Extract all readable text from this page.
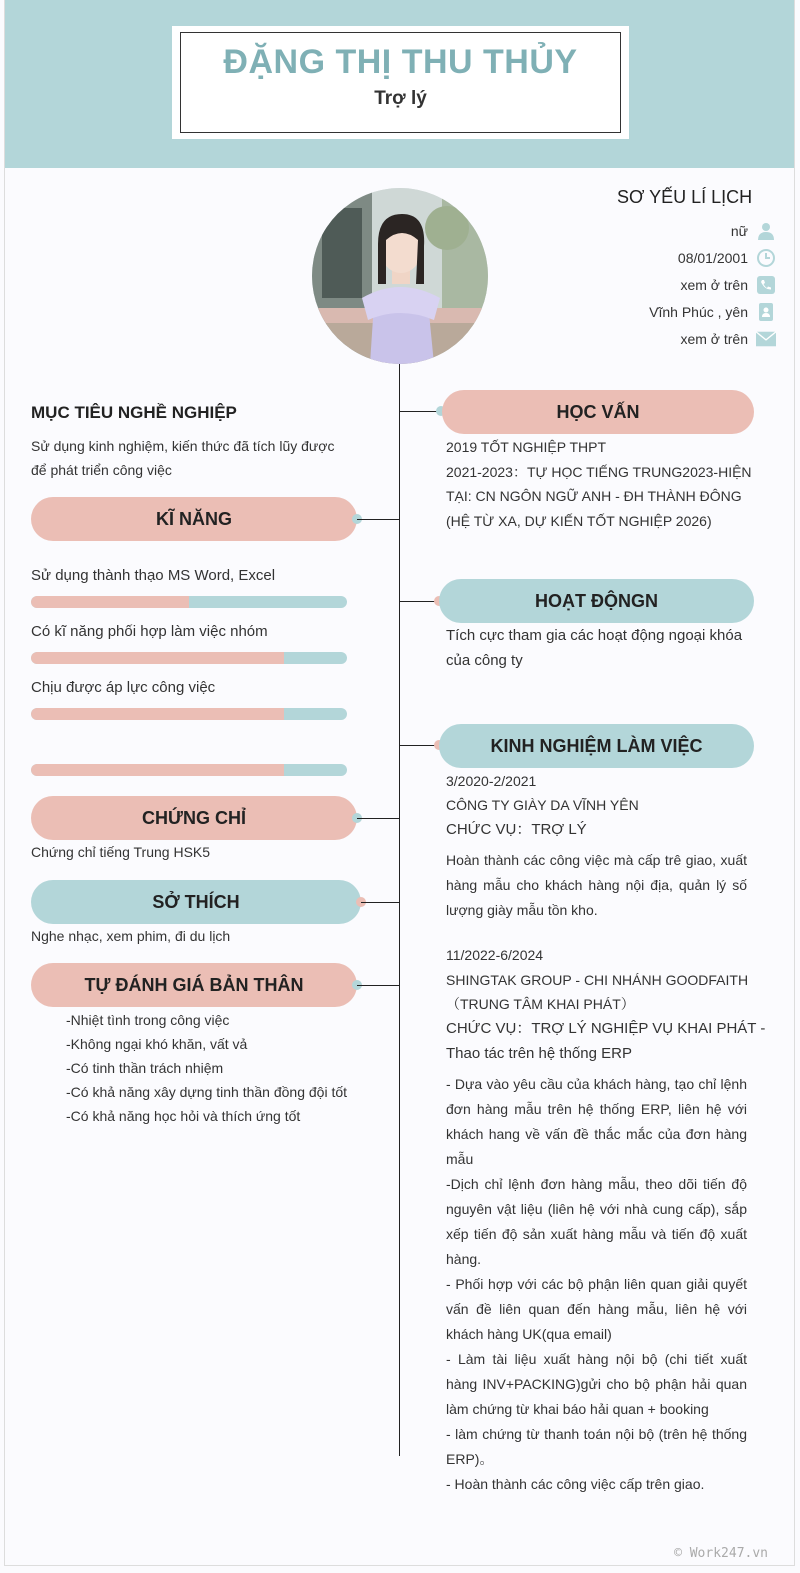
ĐẶNG THỊ THU THỦY
Trợ lý
SƠ YẾU LÍ LỊCH
nữ
08/01/2001
xem ở trên
Vĩnh Phúc , yên
xem ở trên
MỤC TIÊU NGHỀ NGHIỆP
Sử dụng kinh nghiệm, kiến thức đã tích lũy được
để phát triển công việc
KĨ NĂNG
Sử dụng thành thạo MS Word, Excel
Có kĩ năng phối hợp làm việc nhóm
Chịu được áp lực công việc
CHỨNG CHỈ
Chứng chỉ tiếng Trung HSK5
SỞ THÍCH
Nghe nhạc, xem phim, đi du lịch
TỰ ĐÁNH GIÁ BẢN THÂN
-Nhiệt tình trong công việc
-Không ngại khó khăn, vất vả
-Có tinh thần trách nhiệm
-Có khả năng xây dựng tinh thần đồng đội tốt
-Có khả năng học hỏi và thích ứng tốt
HỌC VẤN
2019 TỐT NGHIỆP THPT
2021-2023：TỰ HỌC TIẾNG TRUNG2023-HIỆN
TẠI: CN NGÔN NGỮ ANH - ĐH THÀNH ĐÔNG
(HỆ TỪ XA, DỰ KIẾN TỐT NGHIỆP 2026)
HOẠT ĐỘNGN
Tích cực tham gia các hoạt động ngoại khóa
của công ty
KINH NGHIỆM LÀM VIỆC
3/2020-2/2021
CÔNG TY GIÀY DA VĨNH YÊN
CHỨC VỤ：TRỢ LÝ
Hoàn thành các công việc mà cấp trê giao, xuất hàng mẫu cho khách hàng nội địa, quản lý số lượng giày mẫu tồn kho.
11/2022-6/2024
SHINGTAK GROUP - CHI NHÁNH GOODFAITH
（TRUNG TÂM KHAI PHÁT）
CHỨC VỤ：TRỢ LÝ NGHIỆP VỤ KHAI PHÁT -
Thao tác trên hệ thống ERP
- Dựa vào yêu cầu của khách hàng, tạo chỉ lệnh đơn hàng mẫu trên hệ thống ERP, liên hệ với khách hang về vấn đề thắc mắc của đơn hàng mẫu
-Dịch chỉ lệnh đơn hàng mẫu, theo dõi tiến độ nguyên vật liệu (liên hệ với nhà cung cấp), sắp xếp tiến độ sản xuất hàng mẫu và tiến độ xuất hàng.
- Phối hợp với các bộ phận liên quan giải quyết vấn đề liên quan đến hàng mẫu, liên hệ với khách hàng UK(qua email)
- Làm tài liệu xuất hàng nội bộ (chi tiết xuất hàng INV+PACKING)gửi cho bộ phận hải quan làm chứng từ khai báo hải quan + booking
- làm chứng từ thanh toán nội bộ (trên hệ thống ERP)。
- Hoàn thành các công việc cấp trên giao.
© Work247.vn
